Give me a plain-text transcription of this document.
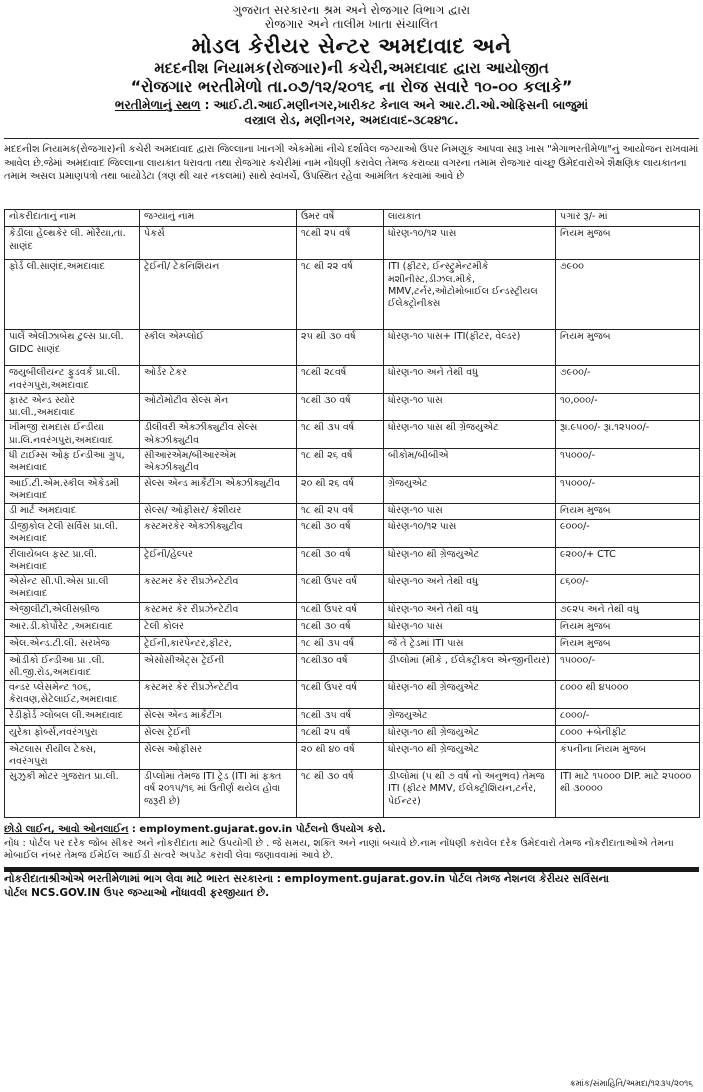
ગુજરાત સરકારના શ્રમ અને રોજગાર વિભાગ દ્વારા
રોજગાર અને તાલીમ ખાતા સંચાલિત
મોડલ કેરીયર સેન્ટર અમદાવાદ અને
મદદનીશ નિયામક(રોજગાર)ની કચેરી,અમદાવાદ દ્વારા આયોજીત
“રોજગાર ભરતીમેળો તા.૦૭/૧૨/૨૦૧૬ ના રોજ સવારે ૧૦-૦૦ કલાકે”
ભરતીમેળાનું સ્થળ : આઈ.ટી.આઈ.મણીનગર,ખારીકટ કેનાલ અને આર.ટી.ઓ.ઓફિસની બાજુમાં
વસ્ત્રાલ રોડ, મણીનગર, અમદાવાદ-૩૮૨૪૧૮.
મદદનીશ નિયામક(રોજગાર)ની કચેરી અમદાવાદ દ્વારા જિલ્લાના ખાનગી એકમોમાં નીચે દર્શાવેલ જગ્યાઓ ઉપર નિમણૂક આપવા સારૂ ખાસ "મેગાભરતીમેળા"નું આયોજન રાખવામાં આવેલ છે.જેમાં અમદાવાદ જિલ્લાના લાયકાત ધરાવતા તથા રોજગાર કચેરીમાં નામ નોંધણી કરાવેલ તેમજ કરાવ્યા વગરના તમામ રોજગાર વાંચ્છુ ઉમેદવારોએ શૈક્ષણિક લાયકાતના તમામ અસલ પ્રમાણપત્રો તથા બાયોડેટા (ત્રણ થી ચાર નકલમાં) સાથે સ્વખર્ચે, ઉપસ્થિત રહેવા આમંત્રિત કરવામાં આવે છે
નોકરીદાતાનું નામ	જગ્યાનું નામ	ઉંમર વર્ષે	લાયકાત	પગાર રૂ/- માં
કેડીલા હેલ્થકેર લી. મોરૈયા,તા. સાણંદ	પેકર્સ	૧૮થી ૨૫ વર્ષ	ધોરણ-૧૦/૧૨ પાસ	નિયમ મુજબ
ફોર્ડ લી.સાણંદ,અમદાવાદ	ટ્રેઈની/ ટેકનિશિયન	૧૮ થી ૨૨ વર્ષ	ITI (ફીટર, ઈન્સ્ટ્રુમેન્ટમીકે મશીનીસ્ટ,ડીઝલ.મીકે, MMV,ટર્નર,ઓટોમોબાઈલ ઈન્ડસ્ટ્રીયલ ઈલેક્ટ્રોનીક્સ	૭૯૦૦
પાર્લે એલીઝાબેથ ટુલ્સ પ્રા.લી. GIDC સાણંદ	સ્કીલ એમ્પ્લોઈ	૨૫ થી ૩૦ વર્ષ	ધોરણ-૧૦ પાસ+ ITI(ફીટર, વેલ્ડર)	નિયમ મુજબ
જયુબીલીયન્ટ ફુડવર્ક પ્રા.લી. નવરંગપુરા,અમદાવાદ	ઓર્ડર ટેકર	૧૮થી ૨૮વર્ષ	ધોરણ-૧૦ અને તેથી વધુ	૭૯૦૦/-
ફાસ્ટ એન્ડ સ્યોર પ્રા.લી.,અમદાવાદ	ઓટોમોટીવ સેલ્સ મેન	૧૮થી ૩૦ વર્ષ	ધોરણ-૧૦ પાસ	૧૦,૦૦૦/-
ખીમજી રામદાસ ઈન્ડીયા પ્રા.લિ.નવરંગપુરા,અમદાવાદ	ડીલીવરી એક્ઝીક્યુટીવ સેલ્સ એક્ઝીક્યુટીવ	૧૮ થી ૩૫ વર્ષ	ધોરણ-૧૦ પાસ થી ગ્રેજયુએટ	રૂા.૯૫૦૦/- રૂા.૧૨૫૦૦/-
ધી ટાઈમ્સ ઓફ ઈન્ડીઆ ગ્રુપ, અમદાવાદ	સીઆરએમ/બીઆરએમ એક્ઝીક્યુટીવ	૧૮ થી ૨૬ વર્ષ	બીકોમ/બીબીએ	૧૫૦૦૦/-
આઈ.ટી.એમ.સ્કીલ એકેડમી અમદાવાદ	સેલ્સ એન્ડ માર્કેટીંગ એક્ઝીક્યુટીવ	૨૦ થી ૨૬ વર્ષ	ગ્રેજયુએટ	૧૫૦૦૦/-
ડી માર્ટ અમદાવાદ	સેલ્સ/ ઓફીસર/ કેશીયર	૧૮ થી ૨૫ વર્ષ	ધોરણ-૧૦ પાસ	નિયમ મુજબ
ડીજીકોલ ટેલી સર્વિસ પ્રા.લી. અમદાવાદ	કસ્ટમરકેર એક્ઝીક્યુટીવ	૧૮થી ૩૦ વર્ષ	ધોરણ-૧૦/૧૨ પાસ	૯૦૦૦/-
રીલાયેબલ ફસ્ટ પ્રા.લી. અમદાવાદ	ટ્રેઈની/હેલ્પર	૧૮થી ૩૦ વર્ષ	ધોરણ-૧૦ થી ગ્રેજયુએટ	૯૨૦૦/+ CTC
એસેન્ટ સી.પી.એસ પ્રા.લી અમદાવાદ	કસ્ટમર કેર રીપ્રઝેન્ટેટીવ	૧૮થી ઉપર વર્ષ	ધોરણ-૧૦ અને તેથી વધુ	૮૬૦૦/-
એજીલીટી,એલીસબ્રીજ	કસ્ટમર કેર રીપ્રઝેન્ટેટીવ	૧૮થી ઉપર વર્ષ	ધોરણ-૧૦ અને તેથી વધુ	૭૯૨૫ અને તેથી વધુ
આર.ડી.કોર્પોરેટ ,અમદાવાદ	ટેલી કોલર	૧૮થી ૩૦ વર્ષ	ધોરણ-૧૦ પાસ	નિયમ મુજબ
એલ.એન્ડ.ટી.લી. સરખેજ	ટ્રેઈની,કારપેન્ટર,ફીટર,	૧૮ થી ૩૫ વર્ષ	જે તે ટ્રેડમાં ITI પાસ	નિયમ મુજબ
ઓડીકો ઈન્ડીઆ પ્રા .લી. સી.જી.રોડ,અમદાવાદ	એસોસીએટ્સ ટ્રેઈની	૧૮થી૩૦ વર્ષ	ડીપ્લોમાં (મીકે , ઈલેક્ટ્રીકલ એન્જીનીયર)	૧૫૦૦૦/-
વન્ડર પ્લેસમેન્ટ ૧૦૬, કેરાવણ,સેટેલાઈટ,અમદાવાદ	કસ્ટમર કેર રીપ્રઝેન્ટેટીવ	૧૮થી ઉપર વર્ષ	ધોરણ-૧૦ થી ગ્રેજયુએટ	૮૦૦૦ થી ૪૫૦૦૦
રેડીફોર્ડ ગ્લોબલ લી.અમદાવાદ	સેલ્સ એન્ડ માર્કેટીંગ	૧૮થી ૩૫ વર્ષ	ગ્રેજયુએટ	૮૦૦૦/-
યુરેકા ફોર્બ્સ,નવરંગપુરા	સેલ્સ ટ્રેઈની	૧૮થી ૨૫ વર્ષ	ધોરણ-૧૦ થી ગ્રેજયુએટ	૮૦૦૦ +બેનીફીટ
એટલાસ રીયીલ ટેક્સ, નવરંગપુરા	સેલ્સ ઓફીસર	૨૦ થી ૪૦ વર્ષ	ધોરણ-૧૦ થી ગ્રેજયુએટ	કંપનીના નિયમ મુજબ
સુઝુકી મોટર ગુજરાત પ્રા.લી.	ડીપ્લોમાં તેમજ ITI ટ્રેડ (ITI માં ફક્ત વર્ષ ૨૦૧૫/૧૬ માં ઉતીર્ણ થયેલ હોવા જરૂરી છે)	૧૮ થી ૩૦ વર્ષ	ડીપ્લોમાં (૫ થી ૭ વર્ષ નો અનુભવ) તેમજ ITI (ફીટર MMV, ઈલેક્ટ્રીશિયન,ટર્નર, પેઈન્ટર)	ITI માટે ૧૫૦૦૦ DIP. માટે ૨૫૦૦૦ થી ૩૦૦૦૦
છોડો લાઈન, આવો ઓનલાઈન : employment.gujarat.gov.in પોર્ટલનો ઉપયોગ કરો.
નોંધ : પોર્ટલ પર દરેક જોબ સીકર અને નોકરીદાતા માટે ઉપયોગી છે . જે સમય, શક્તિ અને નાણાં બચાવે છે.નામ નોંધણી કરાવેલ દરેક ઉમેદવારો તેમજ નોકરીદાતાઓએ તેમના મોબાઈલ નંબર તેમજ ઈમેઈલ આઈડી સત્વરે અપડેટ કરાવી લેવા જણાવવામાં આવે છે.
નોકરીદાતાશ્રીઓએ ભરતીમેળામાં ભાગ લેવા માટે ભારત સરકારના : employment.gujarat.gov.in પોર્ટલ તેમજ નેશનલ કેરીયર સર્વિસના
પોર્ટલ NCS.GOV.IN ઉપર જગ્યાઓ નોંધાવવી ફરજીયાત છે.
ક્રમાંક/સંમાહિતિ/અમદા/૧૨૩૫/૨૦૧૬
